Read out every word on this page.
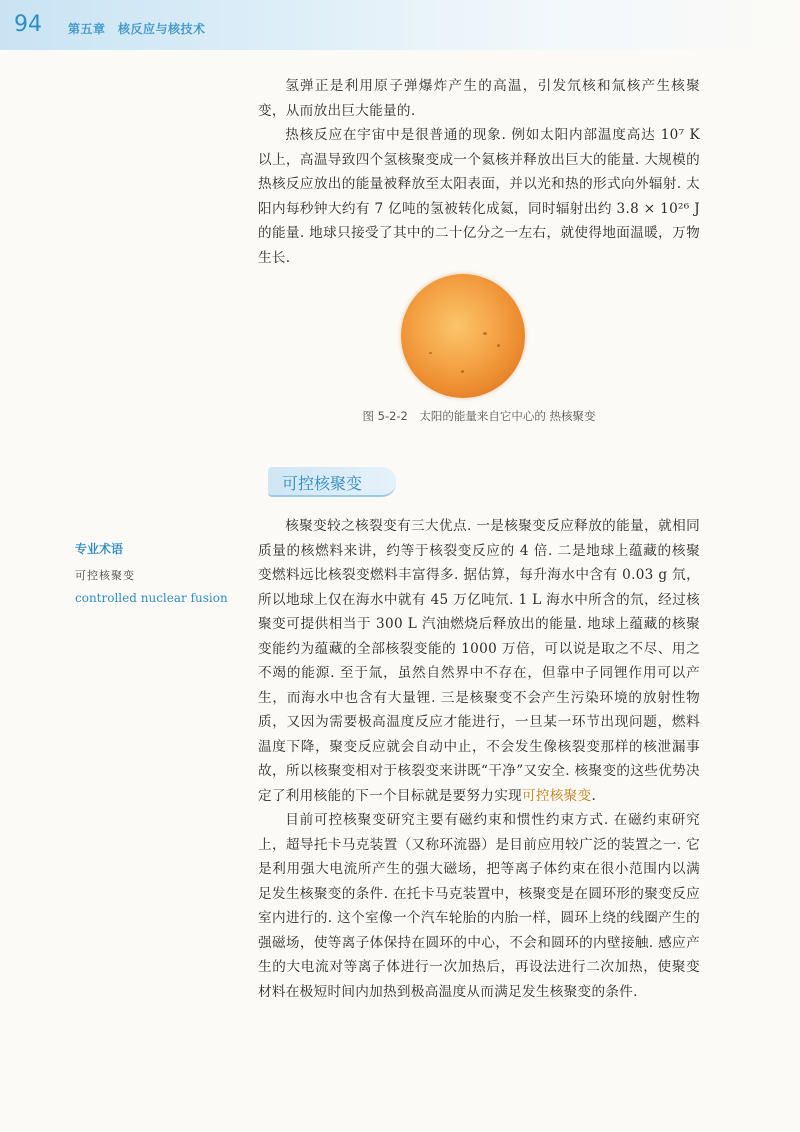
94 第五章　核反应与核技术

氢弹正是利用原子弹爆炸产生的高温，引发氘核和氚核产生核聚变，从而放出巨大能量的.

热核反应在宇宙中是很普通的现象. 例如太阳内部温度高达 10⁷ K 以上，高温导致四个氢核聚变成一个氦核并释放出巨大的能量. 大规模的热核反应放出的能量被释放至太阳表面，并以光和热的形式向外辐射. 太阳内每秒钟大约有 7 亿吨的氢被转化成氦，同时辐射出约 3.8 × 10²⁶ J 的能量. 地球只接受了其中的二十亿分之一左右，就使得地面温暖，万物生长.

图 5-2-2　太阳的能量来自它中心的 热核聚变
可控核聚变
专业术语
可控核聚变
controlled nuclear fusion

核聚变较之核裂变有三大优点. 一是核聚变反应释放的能量，就相同质量的核燃料来讲，约等于核裂变反应的 4 倍. 二是地球上蕴藏的核聚变燃料远比核裂变燃料丰富得多. 据估算，每升海水中含有 0.03 g 氘，所以地球上仅在海水中就有 45 万亿吨氘. 1 L 海水中所含的氘，经过核聚变可提供相当于 300 L 汽油燃烧后释放出的能量. 地球上蕴藏的核聚变能约为蕴藏的全部核裂变能的 1000 万倍，可以说是取之不尽、用之不竭的能源. 至于氚，虽然自然界中不存在，但靠中子同锂作用可以产生，而海水中也含有大量锂. 三是核聚变不会产生污染环境的放射性物质，又因为需要极高温度反应才能进行，一旦某一环节出现问题，燃料温度下降，聚变反应就会自动中止，不会发生像核裂变那样的核泄漏事故，所以核聚变相对于核裂变来讲既“干净”又安全. 核聚变的这些优势决定了利用核能的下一个目标就是要努力实现可控核聚变.

目前可控核聚变研究主要有磁约束和惯性约束方式. 在磁约束研究上，超导托卡马克装置（又称环流器）是目前应用较广泛的装置之一. 它是利用强大电流所产生的强大磁场，把等离子体约束在很小范围内以满足发生核聚变的条件. 在托卡马克装置中，核聚变是在圆环形的聚变反应室内进行的. 这个室像一个汽车轮胎的内胎一样，圆环上绕的线圈产生的强磁场，使等离子体保持在圆环的中心，不会和圆环的内壁接触. 感应产生的大电流对等离子体进行一次加热后，再设法进行二次加热，使聚变材料在极短时间内加热到极高温度从而满足发生核聚变的条件.
